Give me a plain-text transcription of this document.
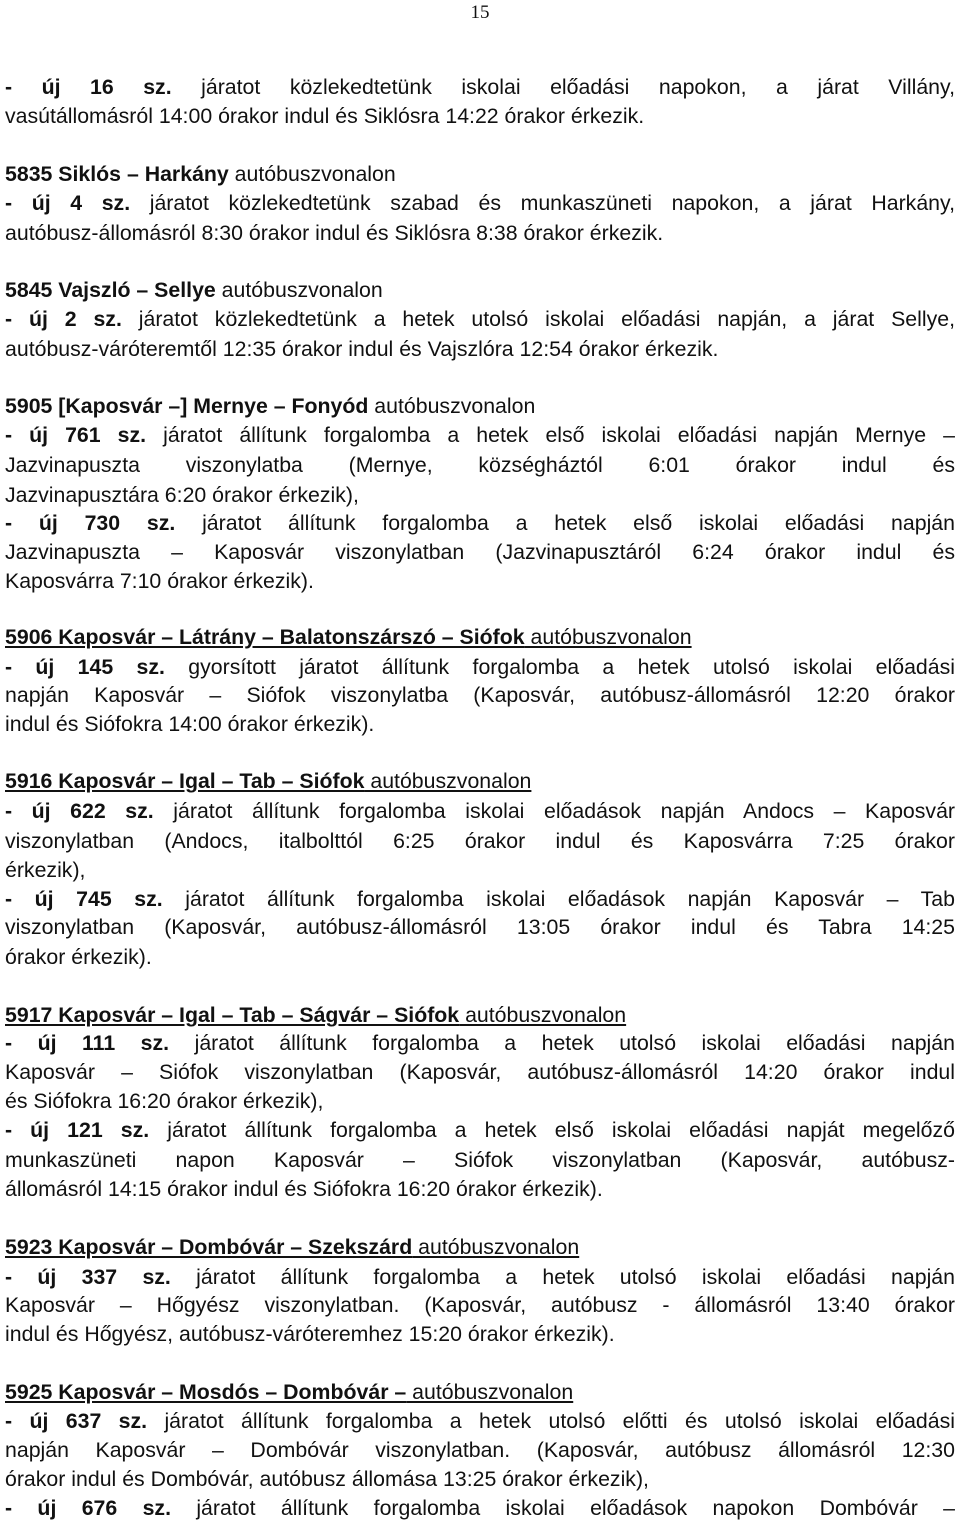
15
- új 16 sz. járatot közlekedtetünk iskolai előadási napokon, a járat Villány,
vasútállomásról 14:00 órakor indul és Siklósra 14:22 órakor érkezik.
5835 Siklós – Harkány autóbuszvonalon
- új 4 sz. járatot közlekedtetünk szabad és munkaszüneti napokon, a járat Harkány,
autóbusz-állomásról 8:30 órakor indul és Siklósra 8:38 órakor érkezik.
5845 Vajszló – Sellye autóbuszvonalon
- új 2 sz. járatot közlekedtetünk a hetek utolsó iskolai előadási napján, a járat Sellye,
autóbusz-váróteremtől 12:35 órakor indul és Vajszlóra 12:54 órakor érkezik.
5905 [Kaposvár –] Mernye – Fonyód autóbuszvonalon
- új 761 sz. járatot állítunk forgalomba a hetek első iskolai előadási napján Mernye –
Jazvinapuszta viszonylatba (Mernye, községháztól 6:01 órakor indul és
Jazvinapusztára 6:20 órakor érkezik),
- új 730 sz. járatot állítunk forgalomba a hetek első iskolai előadási napján
Jazvinapuszta – Kaposvár viszonylatban (Jazvinapusztáról 6:24 órakor indul és
Kaposvárra 7:10 órakor érkezik).
5906 Kaposvár – Látrány – Balatonszárszó – Siófok autóbuszvonalon
- új 145 sz. gyorsított járatot állítunk forgalomba a hetek utolsó iskolai előadási
napján Kaposvár – Siófok viszonylatba (Kaposvár, autóbusz-állomásról 12:20 órakor
indul és Siófokra 14:00 órakor érkezik).
5916 Kaposvár – Igal – Tab – Siófok autóbuszvonalon
- új 622 sz. járatot állítunk forgalomba iskolai előadások napján Andocs – Kaposvár
viszonylatban (Andocs, italbolttól 6:25 órakor indul és Kaposvárra 7:25 órakor
érkezik),
- új 745 sz. járatot állítunk forgalomba iskolai előadások napján Kaposvár – Tab
viszonylatban (Kaposvár, autóbusz-állomásról 13:05 órakor indul és Tabra 14:25
órakor érkezik).
5917 Kaposvár – Igal – Tab – Ságvár – Siófok autóbuszvonalon
- új 111 sz. járatot állítunk forgalomba a hetek utolsó iskolai előadási napján
Kaposvár – Siófok viszonylatban (Kaposvár, autóbusz-állomásról 14:20 órakor indul
és Siófokra 16:20 órakor érkezik),
- új 121 sz. járatot állítunk forgalomba a hetek első iskolai előadási napját megelőző
munkaszüneti napon Kaposvár – Siófok viszonylatban (Kaposvár, autóbusz-
állomásról 14:15 órakor indul és Siófokra 16:20 órakor érkezik).
5923 Kaposvár – Dombóvár – Szekszárd autóbuszvonalon
- új 337 sz. járatot állítunk forgalomba a hetek utolsó iskolai előadási napján
Kaposvár – Hőgyész viszonylatban. (Kaposvár, autóbusz - állomásról 13:40 órakor
indul és Hőgyész, autóbusz-váróteremhez 15:20 órakor érkezik).
5925 Kaposvár – Mosdós – Dombóvár – autóbuszvonalon
- új 637 sz. járatot állítunk forgalomba a hetek utolsó előtti és utolsó iskolai előadási
napján Kaposvár – Dombóvár viszonylatban. (Kaposvár, autóbusz állomásról 12:30
órakor indul és Dombóvár, autóbusz állomása 13:25 órakor érkezik),
- új 676 sz. járatot állítunk forgalomba iskolai előadások napokon Dombóvár –
